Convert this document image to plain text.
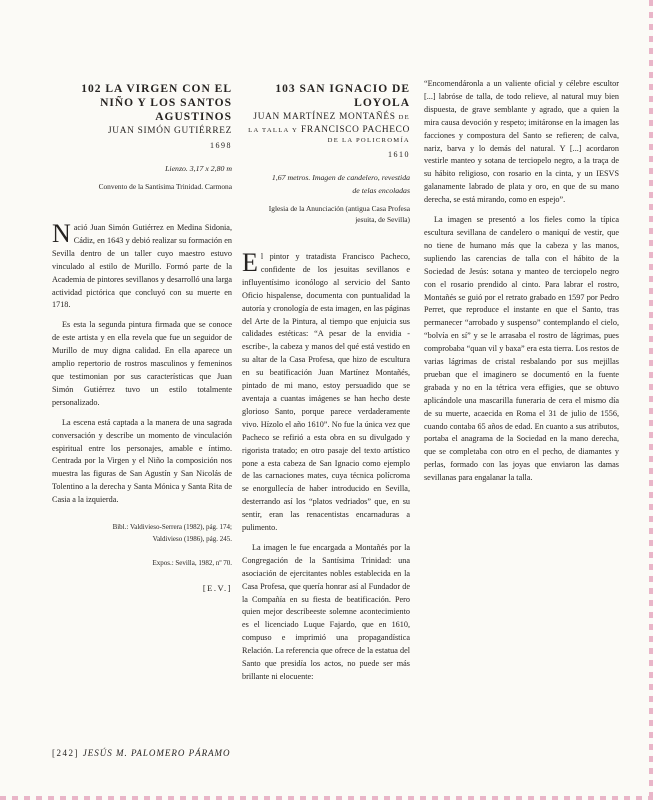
102 LA VIRGEN CON EL
NIÑO Y LOS SANTOS
AGUSTINOS

JUAN SIMÓN GUTIÉRREZ

1698

Lienzo. 3,17 x 2,80 m

Convento de la Santísima Trinidad. Carmona

Nació Juan Simón Gutiérrez en Medina Sidonia, Cádiz, en 1643 y debió realizar su formación en Sevilla dentro de un taller cuyo maestro estuvo vinculado al estilo de Murillo. Formó parte de la Academia de pintores sevillanos y desarrolló una larga actividad pictórica que concluyó con su muerte en 1718.

Es esta la segunda pintura firmada que se conoce de este artista y en ella revela que fue un seguidor de Murillo de muy digna calidad. En ella aparece un amplio repertorio de rostros masculinos y femeninos que testimonian por sus características que Juan Simón Gutiérrez tuvo un estilo totalmente personalizado.

La escena está captada a la manera de una sagrada conversación y describe un momento de vinculación espiritual entre los personajes, amable e íntimo. Centrada por la Virgen y el Niño la composición nos muestra las figuras de San Agustín y San Nicolás de Tolentino a la derecha y Santa Mónica y Santa Rita de Casia a la izquierda.

Bibl.: Valdivieso-Serrera (1982), pág. 174;
Valdivieso (1986), pág. 245.
Expos.: Sevilla, 1982, nº 70.
[E.V.]
103 SAN IGNACIO DE
LOYOLA

JUAN MARTÍNEZ MONTAÑÉS DE

LA TALLA Y FRANCISCO PACHECO

DE LA POLICROMÍA

1610

1,67 metros. Imagen de candelero, revestida
de telas encoladas

Iglesia de la Anunciación (antigua Casa Profesa
jesuita, de Sevilla)

El pintor y tratadista Francisco Pacheco, confidente de los jesuitas sevillanos e influyentísimo iconólogo al servicio del Santo Oficio hispalense, documenta con puntualidad la autoría y cronología de esta imagen, en las páginas del Arte de la Pintura, al tiempo que enjuicia sus calidades estéticas: “A pesar de la envidia -escribe-, la cabeza y manos del qué está vestido en su altar de la Casa Profesa, que hizo de escultura en su beatificación Juan Martínez Montañés, pintado de mi mano, estoy persuadido que se aventaja a cuantas imágenes se han hecho deste glorioso Santo, porque parece verdaderamente vivo. Hízolo el año 1610”. No fue la única vez que Pacheco se refirió a esta obra en su divulgado y rigorista tratado; en otro pasaje del texto artístico pone a esta cabeza de San Ignacio como ejemplo de las carnaciones mates, cuya técnica polícroma se enorgullecía de haber introducido en Sevilla, desterrando así los “platos vedriados” que, en su sentir, eran las renacentistas encarnaduras a pulimento.

La imagen le fue encargada a Montañés por la Congregación de la Santísima Trinidad: una asociación de ejercitantes nobles establecida en la Casa Profesa, que quería honrar así al Fundador de la Compañía en su fiesta de beatificación. Pero quien mejor describeeste solemne acontecimiento es el licenciado Luque Fajardo, que en 1610, compuso e imprimió una propagandística Relación. La referencia que ofrece de la estatua del Santo que presidía los actos, no puede ser más brillante ni elocuente:

“Encomendáronla a un valiente oficial y célebre escultor [...] labróse de talla, de todo relieve, al natural muy bien dispuesta, de grave semblante y agrado, que a quien la mira causa devoción y respeto; imitáronse en la imagen las facciones y compostura del Santo se refieren; de calva, nariz, barva y lo demás del natural. Y [...] acordaron vestirle manteo y sotana de terciopelo negro, a la traça de su hábito religioso, con rosario en la cinta, y un IESVS galanamente labrado de plata y oro, en que de su mano derecha, se está mirando, como en espejo”.

La imagen se presentó a los fieles como la típica escultura sevillana de candelero o maniquí de vestir, que no tiene de humano más que la cabeza y las manos, supliendo las carencias de talla con el hábito de la Sociedad de Jesús: sotana y manteo de terciopelo negro con el rosario prendido al cinto. Para labrar el rostro, Montañés se guió por el retrato grabado en 1597 por Pedro Perret, que reproduce el instante en que el Santo, tras permanecer “arrobado y suspenso” contemplando el cielo, “bolvía en sí” y se le arrasaba el rostro de lágrimas, pues comprobaba “quan vil y baxa” era esta tierra. Los restos de varias lágrimas de cristal resbalando por sus mejillas prueban que el imaginero se documentó en la fuente grabada y no en la tétrica vera effigies, que se obtuvo aplicándole una mascarilla funeraria de cera el mismo día de su muerte, acaecida en Roma el 31 de julio de 1556, cuando contaba 65 años de edad. En cuanto a sus atributos, portaba el anagrama de la Sociedad en la mano derecha, que se completaba con otro en el pecho, de diamantes y perlas, formado con las joyas que enviaron las damas sevillanas para engalanar la talla.

[242] JESÚS M. PALOMERO PÁRAMO
